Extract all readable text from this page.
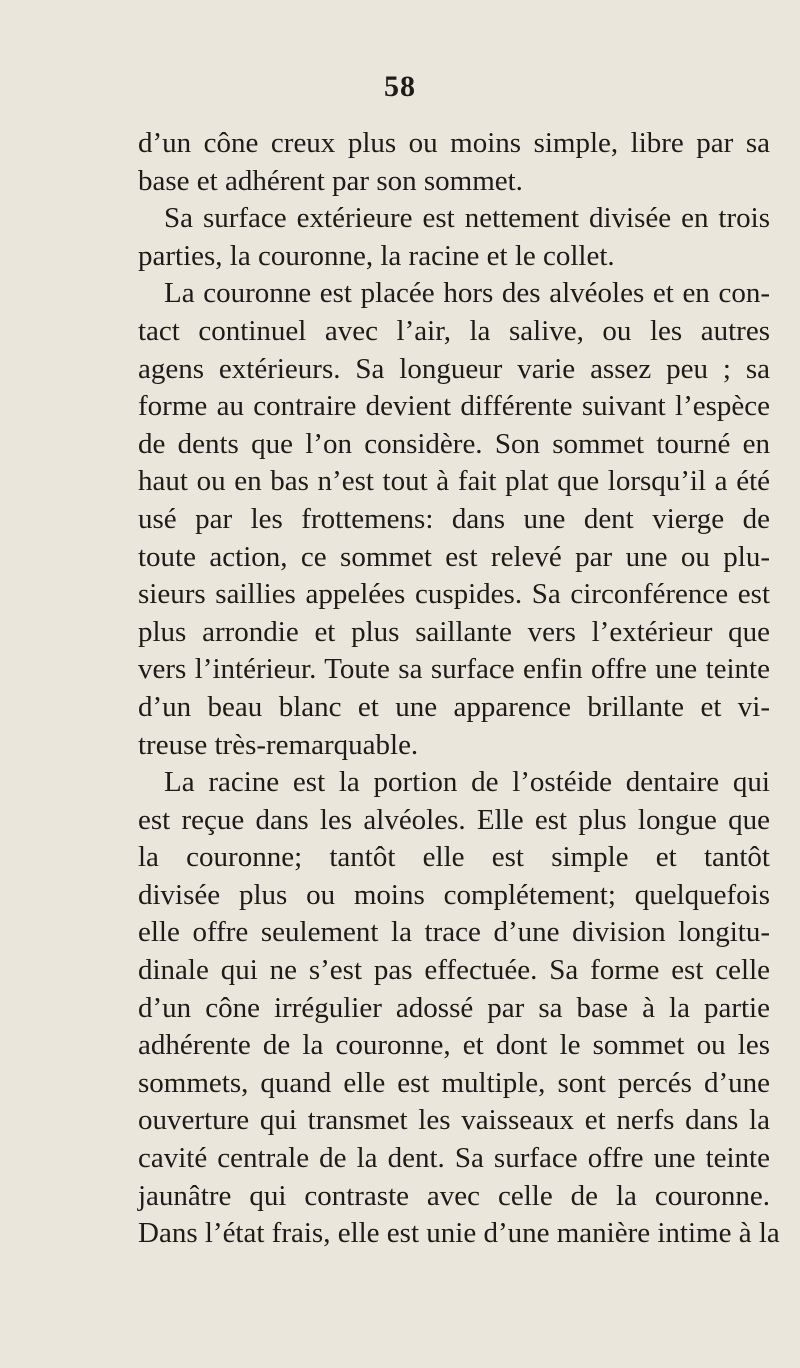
58
d’un cône creux plus ou moins simple, libre par sa
base et adhérent par son sommet.
Sa surface extérieure est nettement divisée en trois
parties, la couronne, la racine et le collet.
La couronne est placée hors des alvéoles et en con-
tact continuel avec l’air, la salive, ou les autres
agens extérieurs. Sa longueur varie assez peu ; sa
forme au contraire devient différente suivant l’espèce
de dents que l’on considère. Son sommet tourné en
haut ou en bas n’est tout à fait plat que lorsqu’il a été
usé par les frottemens: dans une dent vierge de
toute action, ce sommet est relevé par une ou plu-
sieurs saillies appelées cuspides. Sa circonférence est
plus arrondie et plus saillante vers l’extérieur que
vers l’intérieur. Toute sa surface enfin offre une teinte
d’un beau blanc et une apparence brillante et vi-
treuse très-remarquable.
La racine est la portion de l’ostéide dentaire qui
est reçue dans les alvéoles. Elle est plus longue que
la couronne; tantôt elle est simple et tantôt
divisée plus ou moins complétement; quelquefois
elle offre seulement la trace d’une division longitu-
dinale qui ne s’est pas effectuée. Sa forme est celle
d’un cône irrégulier adossé par sa base à la partie
adhérente de la couronne, et dont le sommet ou les
sommets, quand elle est multiple, sont percés d’une
ouverture qui transmet les vaisseaux et nerfs dans la
cavité centrale de la dent. Sa surface offre une teinte
jaunâtre qui contraste avec celle de la couronne.
Dans l’état frais, elle est unie d’une manière intime à la
